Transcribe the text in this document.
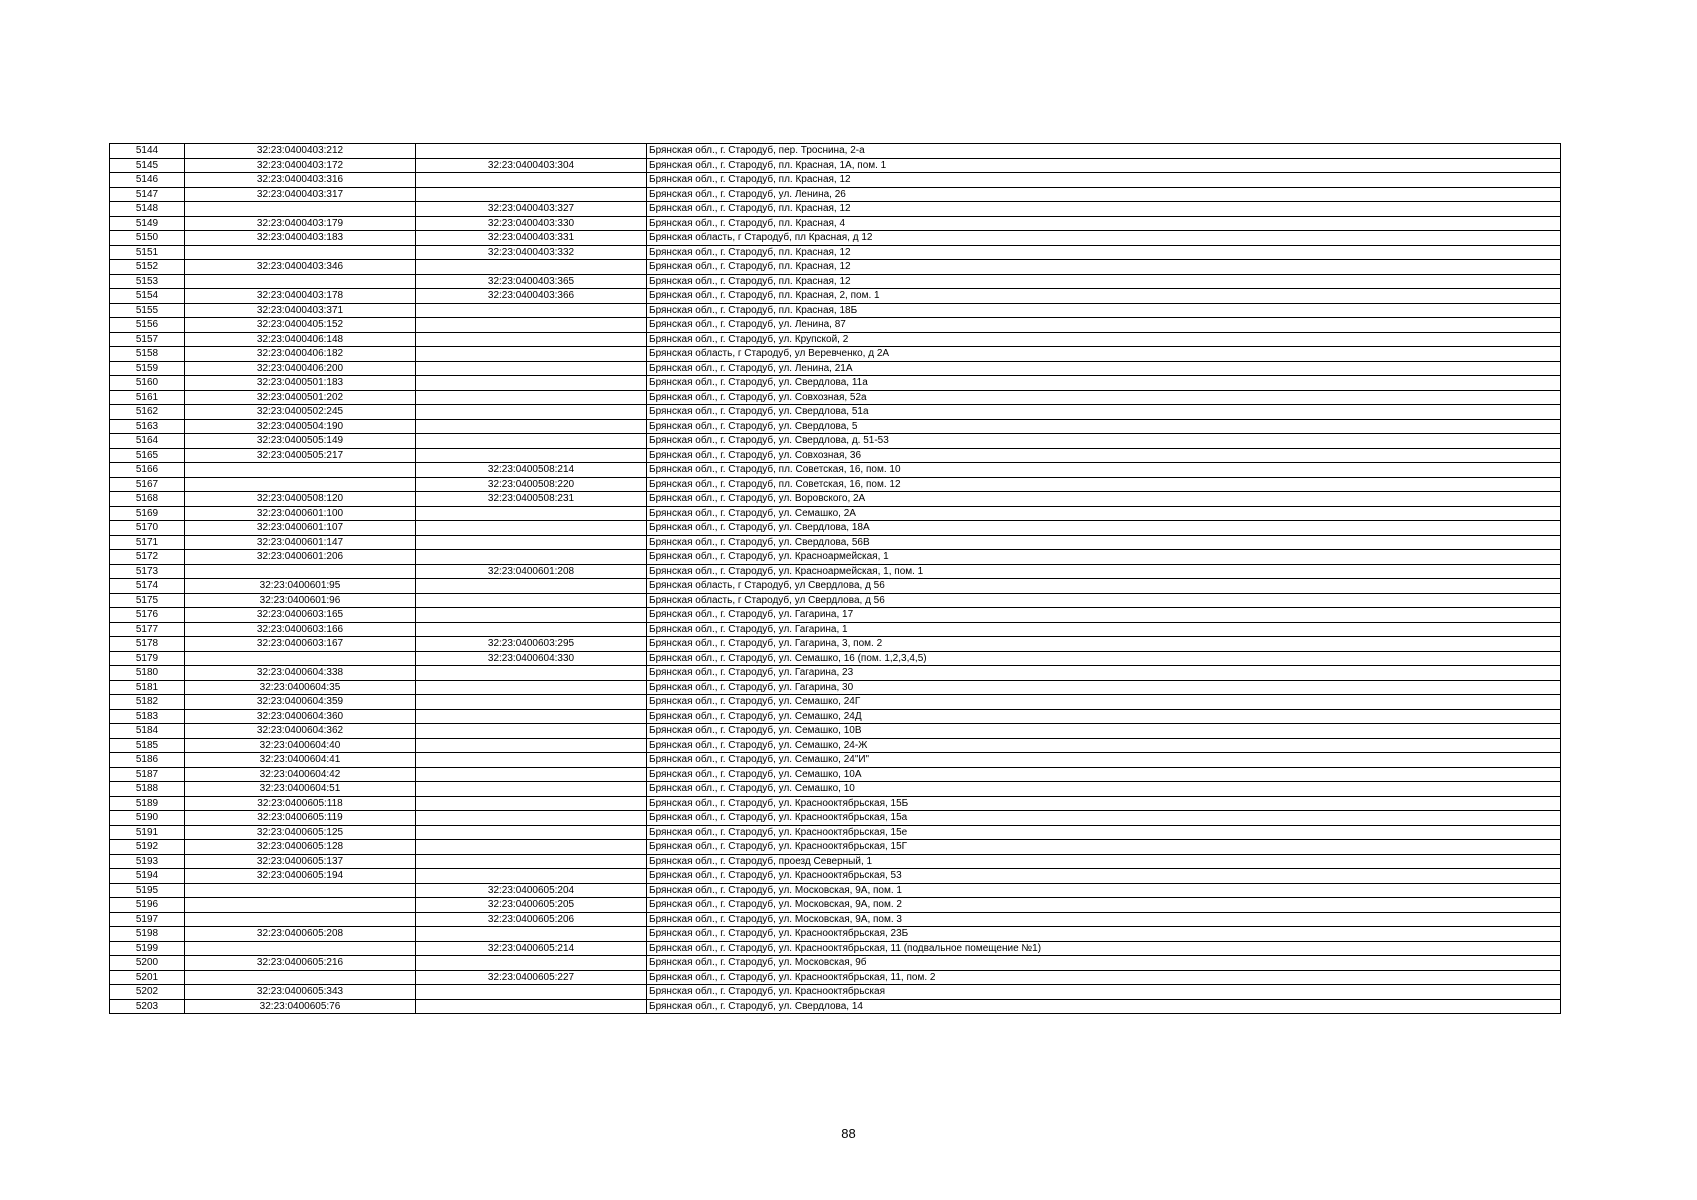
5144	32:23:0400403:212		Брянская обл., г. Стародуб, пер. Троснина, 2-а
5145	32:23:0400403:172	32:23:0400403:304	Брянская обл., г. Стародуб, пл. Красная, 1А, пом. 1
5146	32:23:0400403:316		Брянская обл., г. Стародуб, пл. Красная, 12
5147	32:23:0400403:317		Брянская обл., г. Стародуб, ул. Ленина, 26
5148		32:23:0400403:327	Брянская обл., г. Стародуб, пл. Красная, 12
5149	32:23:0400403:179	32:23:0400403:330	Брянская обл., г. Стародуб, пл. Красная, 4
5150	32:23:0400403:183	32:23:0400403:331	Брянская область, г Стародуб, пл Красная, д 12
5151		32:23:0400403:332	Брянская обл., г. Стародуб, пл. Красная, 12
5152	32:23:0400403:346		Брянская обл., г. Стародуб, пл. Красная, 12
5153		32:23:0400403:365	Брянская обл., г. Стародуб, пл. Красная, 12
5154	32:23:0400403:178	32:23:0400403:366	Брянская обл., г. Стародуб, пл. Красная, 2, пом. 1
5155	32:23:0400403:371		Брянская обл., г. Стародуб, пл. Красная, 18Б
5156	32:23:0400405:152		Брянская обл., г. Стародуб, ул. Ленина, 87
5157	32:23:0400406:148		Брянская обл., г. Стародуб, ул. Крупской, 2
5158	32:23:0400406:182		Брянская область, г Стародуб, ул Веревченко, д 2А
5159	32:23:0400406:200		Брянская обл., г. Стародуб, ул. Ленина, 21А
5160	32:23:0400501:183		Брянская обл., г. Стародуб, ул. Свердлова, 11а
5161	32:23:0400501:202		Брянская обл., г. Стародуб, ул. Совхозная, 52а
5162	32:23:0400502:245		Брянская обл., г. Стародуб, ул. Свердлова, 51а
5163	32:23:0400504:190		Брянская обл., г. Стародуб, ул. Свердлова, 5
5164	32:23:0400505:149		Брянская обл., г. Стародуб, ул. Свердлова, д. 51-53
5165	32:23:0400505:217		Брянская обл., г. Стародуб, ул. Совхозная, 36
5166		32:23:0400508:214	Брянская обл., г. Стародуб, пл. Советская, 16, пом. 10
5167		32:23:0400508:220	Брянская обл., г. Стародуб, пл. Советская, 16, пом. 12
5168	32:23:0400508:120	32:23:0400508:231	Брянская обл., г. Стародуб, ул. Воровского, 2А
5169	32:23:0400601:100		Брянская обл., г. Стародуб, ул. Семашко, 2А
5170	32:23:0400601:107		Брянская обл., г. Стародуб, ул. Свердлова, 18А
5171	32:23:0400601:147		Брянская обл., г. Стародуб, ул. Свердлова, 56В
5172	32:23:0400601:206		Брянская обл., г. Стародуб, ул. Красноармейская, 1
5173		32:23:0400601:208	Брянская обл., г. Стародуб, ул. Красноармейская, 1, пом. 1
5174	32:23:0400601:95		Брянская область, г Стародуб, ул Свердлова, д 56
5175	32:23:0400601:96		Брянская область, г Стародуб, ул Свердлова, д 56
5176	32:23:0400603:165		Брянская обл., г. Стародуб, ул. Гагарина, 17
5177	32:23:0400603:166		Брянская обл., г. Стародуб, ул. Гагарина, 1
5178	32:23:0400603:167	32:23:0400603:295	Брянская обл., г. Стародуб, ул. Гагарина, 3, пом. 2
5179		32:23:0400604:330	Брянская обл., г. Стародуб, ул. Семашко, 16 (пом. 1,2,3,4,5)
5180	32:23:0400604:338		Брянская обл., г. Стародуб, ул. Гагарина, 23
5181	32:23:0400604:35		Брянская обл., г. Стародуб, ул. Гагарина, 30
5182	32:23:0400604:359		Брянская обл., г. Стародуб, ул. Семашко, 24Г
5183	32:23:0400604:360		Брянская обл., г. Стародуб, ул. Семашко, 24Д
5184	32:23:0400604:362		Брянская обл., г. Стародуб, ул. Семашко, 10В
5185	32:23:0400604:40		Брянская обл., г. Стародуб, ул. Семашко, 24-Ж
5186	32:23:0400604:41		Брянская обл., г. Стародуб, ул. Семашко, 24"И"
5187	32:23:0400604:42		Брянская обл., г. Стародуб, ул. Семашко, 10А
5188	32:23:0400604:51		Брянская обл., г. Стародуб, ул. Семашко, 10
5189	32:23:0400605:118		Брянская обл., г. Стародуб, ул. Краснооктябрьская, 15Б
5190	32:23:0400605:119		Брянская обл., г. Стародуб, ул. Краснооктябрьская, 15а
5191	32:23:0400605:125		Брянская обл., г. Стародуб, ул. Краснооктябрьская, 15е
5192	32:23:0400605:128		Брянская обл., г. Стародуб, ул. Краснооктябрьская, 15Г
5193	32:23:0400605:137		Брянская обл., г. Стародуб, проезд Северный, 1
5194	32:23:0400605:194		Брянская обл., г. Стародуб, ул. Краснооктябрьская, 53
5195		32:23:0400605:204	Брянская обл., г. Стародуб, ул. Московская, 9А, пом. 1
5196		32:23:0400605:205	Брянская обл., г. Стародуб, ул. Московская, 9А, пом. 2
5197		32:23:0400605:206	Брянская обл., г. Стародуб, ул. Московская, 9А, пом. 3
5198	32:23:0400605:208		Брянская обл., г. Стародуб, ул. Краснооктябрьская, 23Б
5199		32:23:0400605:214	Брянская обл., г. Стародуб, ул. Краснооктябрьская, 11 (подвальное помещение №1)
5200	32:23:0400605:216		Брянская обл., г. Стародуб, ул. Московская, 9б
5201		32:23:0400605:227	Брянская обл., г. Стародуб, ул. Краснооктябрьская, 11, пом. 2
5202	32:23:0400605:343		Брянская обл., г. Стародуб, ул. Краснооктябрьская
5203	32:23:0400605:76		Брянская обл., г. Стародуб, ул. Свердлова, 14
88
